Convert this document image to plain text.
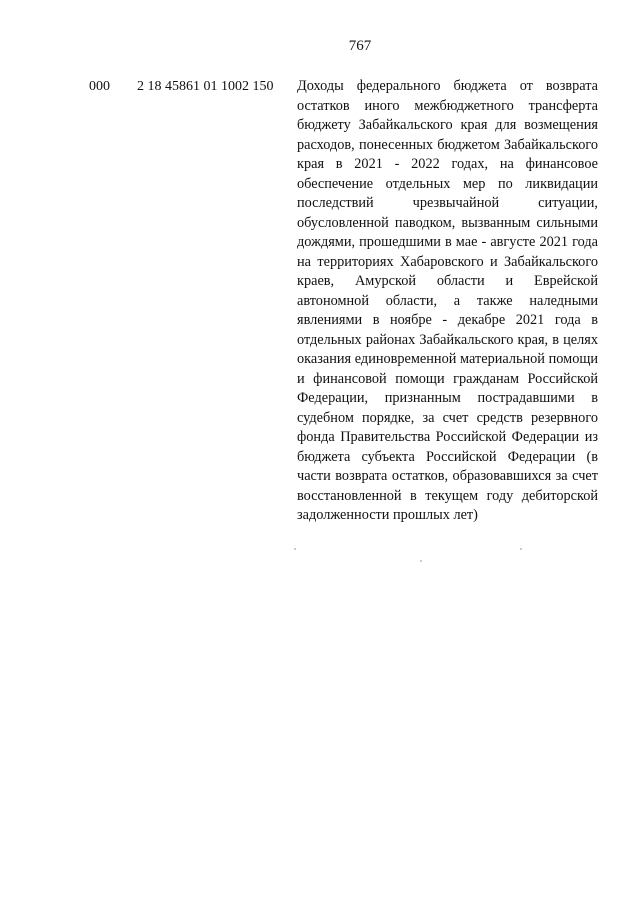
767
000 2 18 45861 01 1002 150 Доходы федерального бюджета от возврата остатков иного межбюджетного трансферта бюджету Забайкальского края для возмещения расходов, понесенных бюджетом Забайкальского края в 2021 - 2022 годах, на финансовое обеспечение отдельных мер по ликвидации последствий чрезвычайной ситуации, обусловленной паводком, вызванным сильными дождями, прошедшими в мае - августе 2021 года на территориях Хабаровского и Забайкальского краев, Амурской области и Еврейской автономной области, а также наледными явлениями в ноябре - декабре 2021 года в отдельных районах Забайкальского края, в целях оказания единовременной материальной помощи и финансовой помощи гражданам Российской Федерации, признанным пострадавшими в судебном порядке, за счет средств резервного фонда Правительства Российской Федерации из бюджета субъекта Российской Федерации (в части возврата остатков, образовавшихся за счет восстановленной в текущем году дебиторской задолженности прошлых лет)
